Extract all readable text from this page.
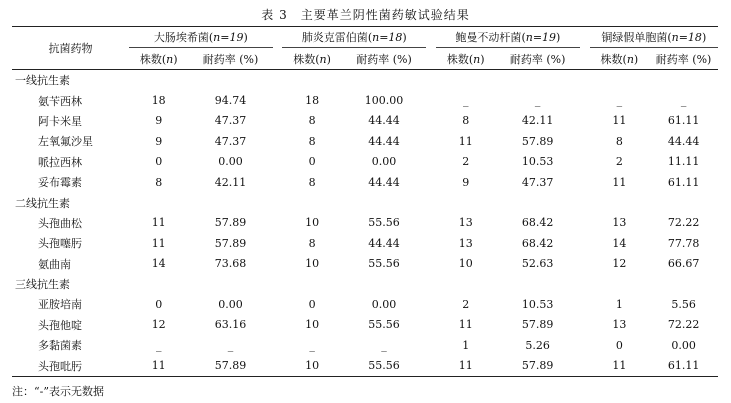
表 3　主要革兰阴性菌药敏试验结果
抗菌药物	大肠埃希菌(n=19)			肺炎克雷伯菌(n=18)			鲍曼不动杆菌(n=19)			铜绿假单胞菌(n=18)	
	株数(n)	耐药率 (%)		株数(n)	耐药率 (%)		株数(n)	耐药率 (%)		株数(n)	耐药率 (%)
一线抗生素											
氨苄西林	18	94.74		18	100.00		_	_		_	_
阿卡米星	9	47.37		8	44.44		8	42.11		11	61.11
左氧氟沙星	9	47.37		8	44.44		11	57.89		8	44.44
哌拉西林	0	0.00		0	0.00		2	10.53		2	11.11
妥布霉素	8	42.11		8	44.44		9	47.37		11	61.11
二线抗生素											
头孢曲松	11	57.89		10	55.56		13	68.42		13	72.22
头孢噻肟	11	57.89		8	44.44		13	68.42		14	77.78
氨曲南	14	73.68		10	55.56		10	52.63		12	66.67
三线抗生素											
亚胺培南	0	0.00		0	0.00		2	10.53		1	5.56
头孢他啶	12	63.16		10	55.56		11	57.89		13	72.22
多黏菌素	_	_		_	_		1	5.26		0	0.00
头孢吡肟	11	57.89		10	55.56		11	57.89		11	61.11
注：“-”表示无数据
